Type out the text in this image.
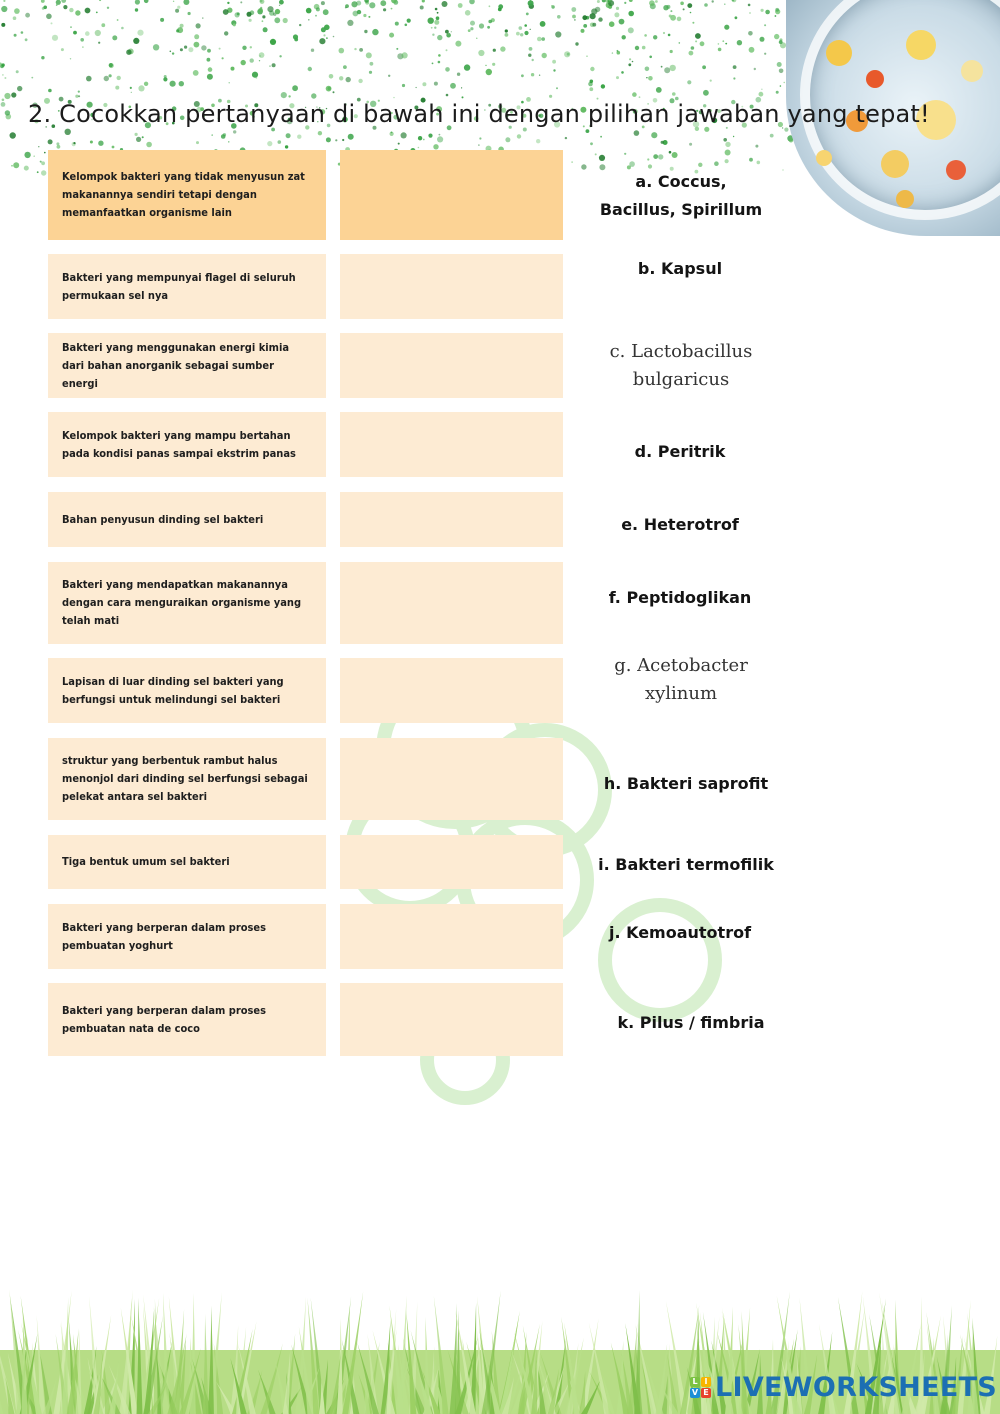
2. Cocokkan pertanyaan di bawah ini dengan pilihan jawaban yang tepat!
Kelompok bakteri yang tidak menyusun zat makanannya sendiri tetapi dengan memanfaatkan organisme lain
Bakteri yang mempunyai flagel di seluruh permukaan sel nya
Bakteri yang menggunakan energi kimia dari bahan anorganik sebagai sumber energi
Kelompok bakteri yang mampu bertahan pada kondisi panas sampai ekstrim panas
Bahan penyusun dinding sel bakteri
Bakteri yang mendapatkan makanannya dengan cara menguraikan organisme yang telah mati
Lapisan di luar dinding sel bakteri yang berfungsi untuk melindungi sel bakteri
struktur yang berbentuk rambut halus menonjol dari dinding sel berfungsi sebagai pelekat antara sel bakteri
Tiga bentuk umum sel bakteri
Bakteri yang berperan dalam proses pembuatan yoghurt
Bakteri yang berperan dalam proses pembuatan nata de coco
a. Coccus, Bacillus, Spirillum
b. Kapsul
c. Lactobacillus bulgaricus
d. Peritrik
e. Heterotrof
f. Peptidoglikan
g. Acetobacter xylinum
h. Bakteri saprofit
i. Bakteri termofilik
j. Kemoautotrof
k. Pilus / fimbria
L I
V E LIVEWORKSHEETS
